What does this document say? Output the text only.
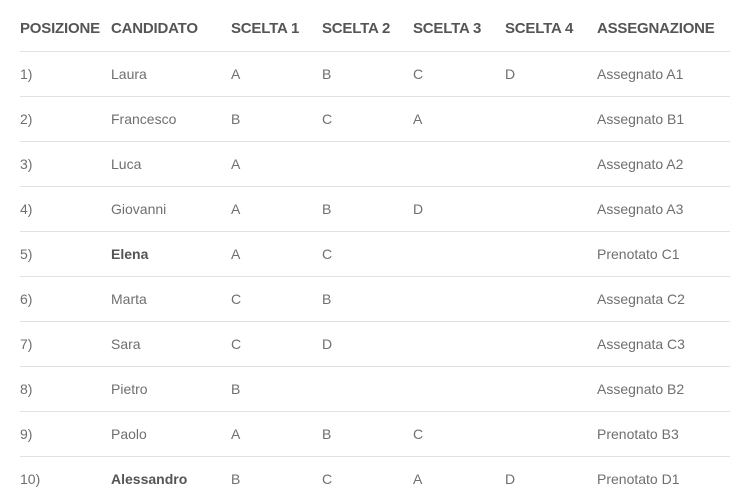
POSIZIONE	CANDIDATO	SCELTA 1	SCELTA 2	SCELTA 3	SCELTA 4	ASSEGNAZIONE
1)	Laura	A	B	C	D	Assegnato A1
2)	Francesco	B	C	A		Assegnato B1
3)	Luca	A				Assegnato A2
4)	Giovanni	A	B	D		Assegnato A3
5)	Elena	A	C			Prenotato C1
6)	Marta	C	B			Assegnata C2
7)	Sara	C	D			Assegnata C3
8)	Pietro	B				Assegnato B2
9)	Paolo	A	B	C		Prenotato B3
10)	Alessandro	B	C	A	D	Prenotato D1
